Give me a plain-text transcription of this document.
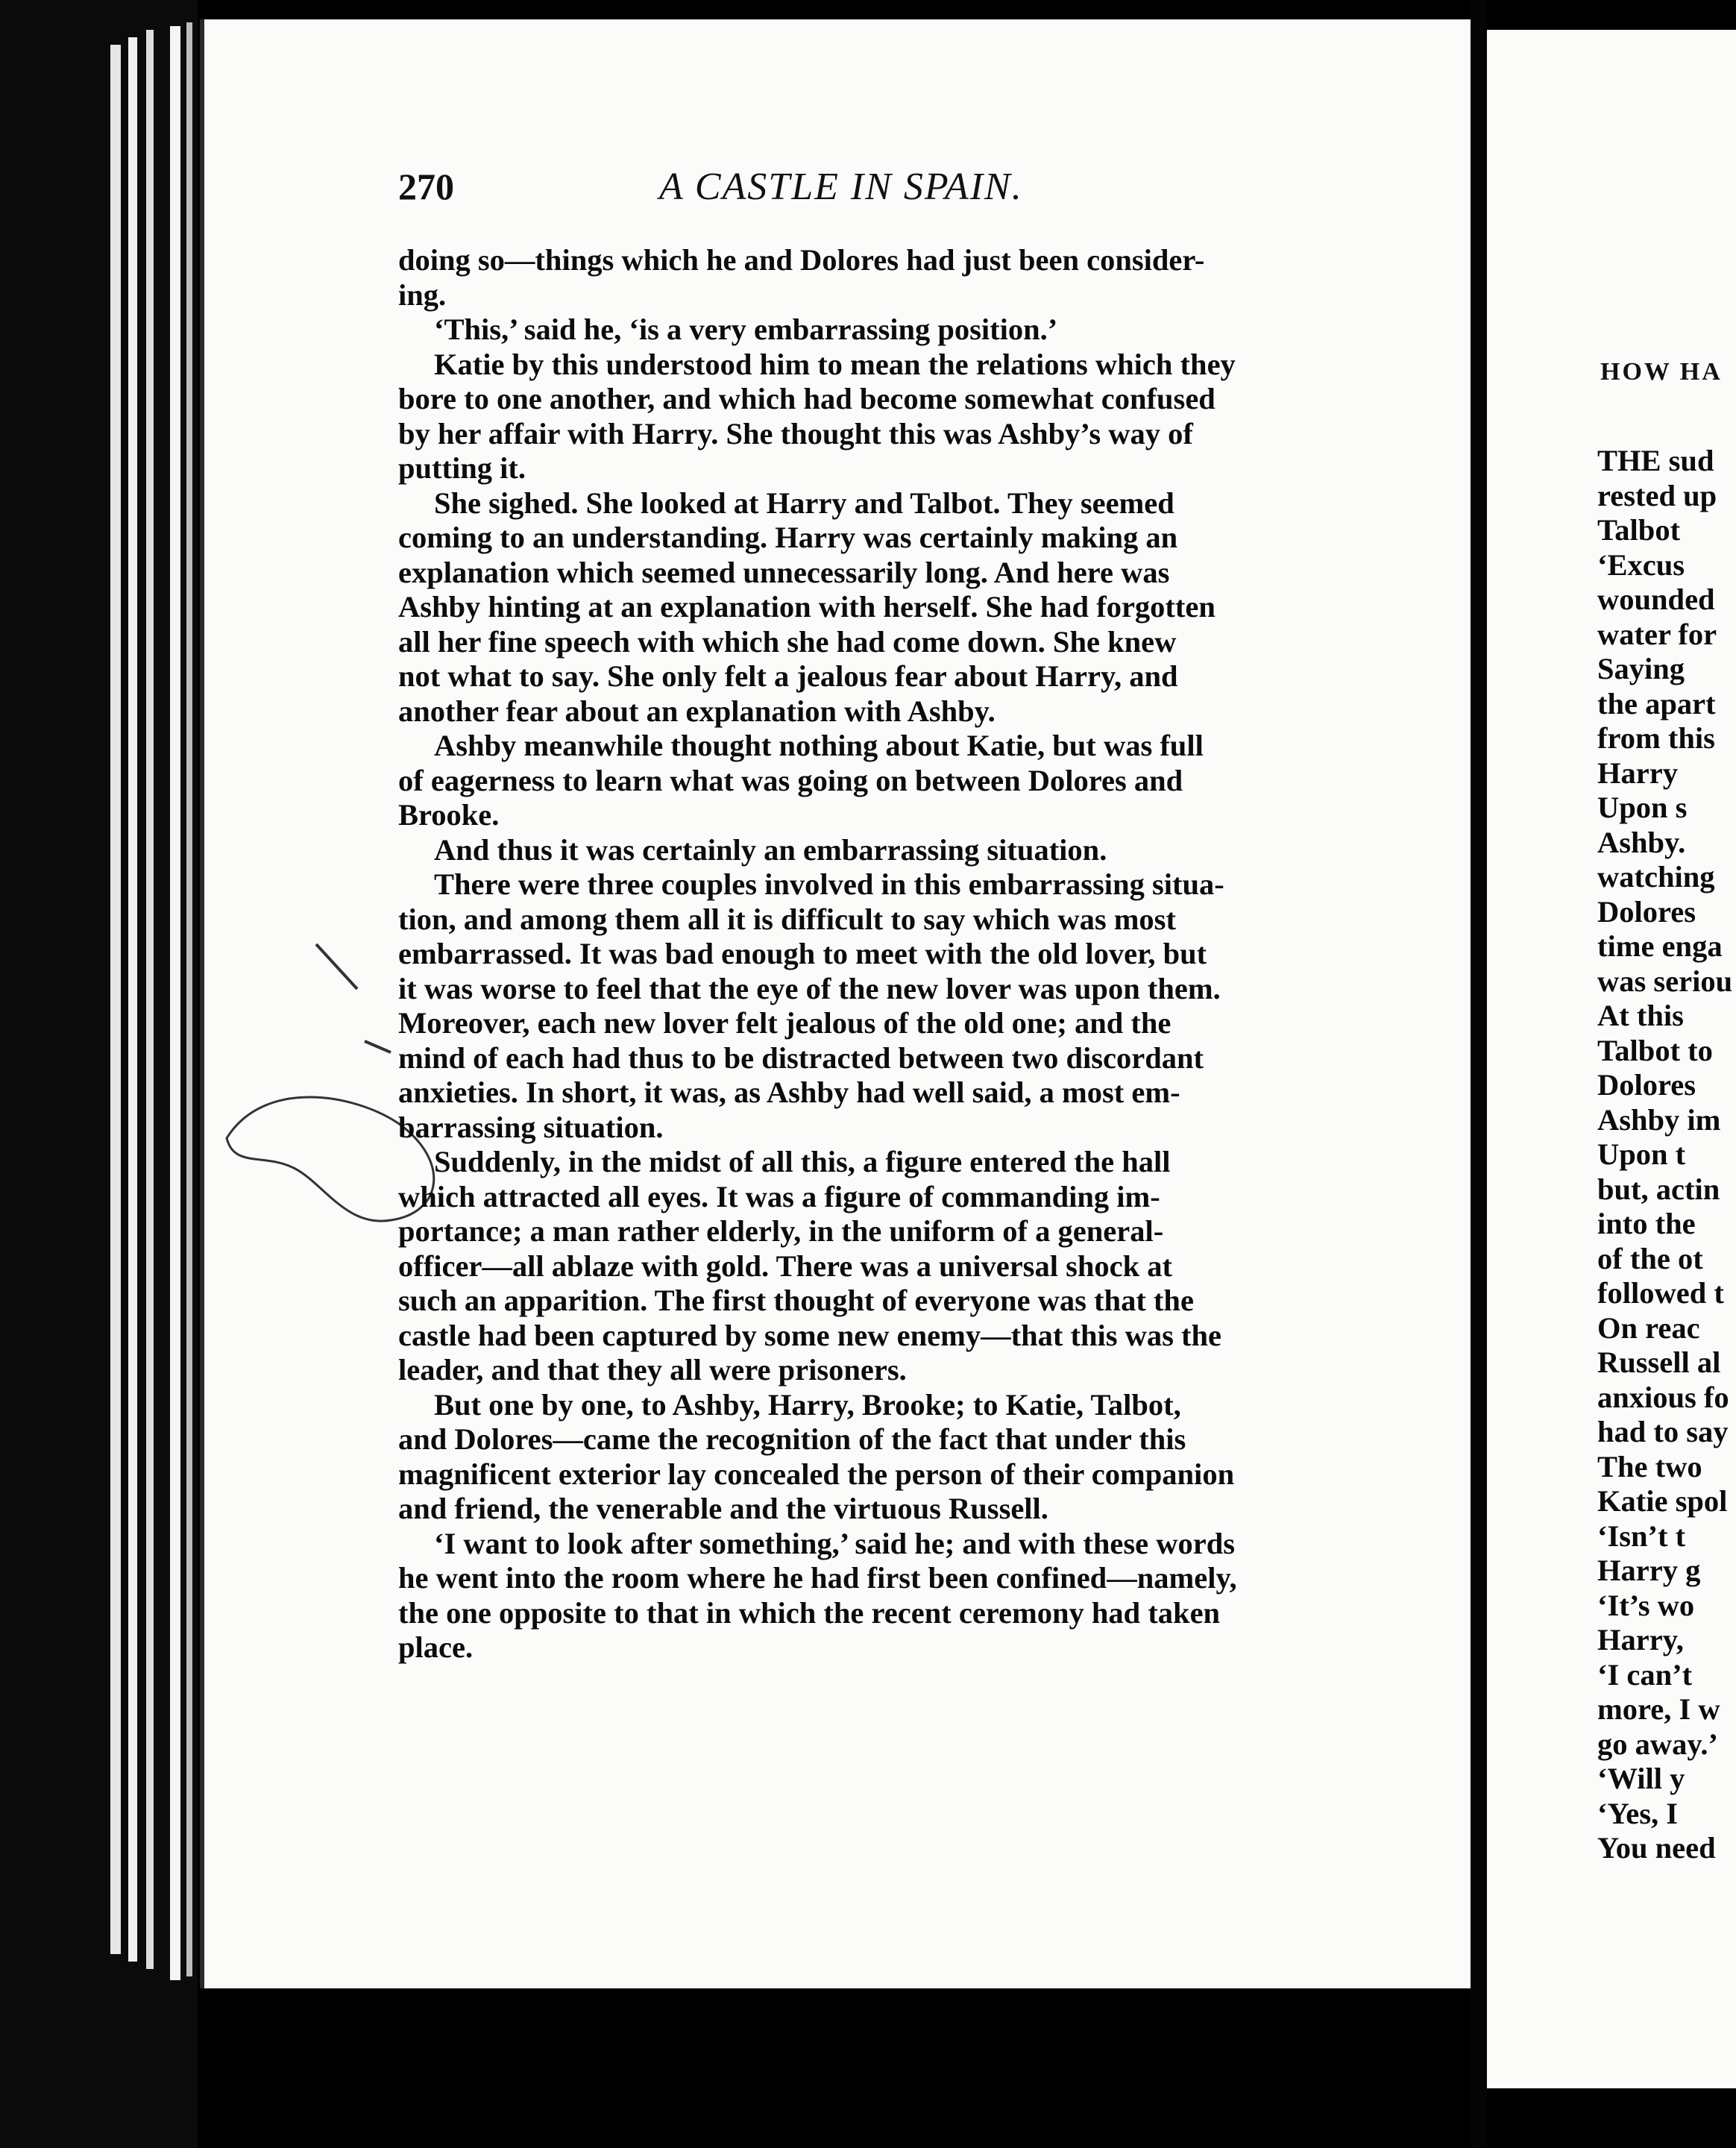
270	A CASTLE IN SPAIN.
doing so—things which he and Dolores had just been consider-
ing.
‘This,’ said he, ‘is a very embarrassing position.’
Katie by this understood him to mean the relations which they
bore to one another, and which had become somewhat confused
by her affair with Harry. She thought this was Ashby’s way of
putting it.
She sighed. She looked at Harry and Talbot. They seemed
coming to an understanding. Harry was certainly making an
explanation which seemed unnecessarily long. And here was
Ashby hinting at an explanation with herself. She had forgotten
all her fine speech with which she had come down. She knew
not what to say. She only felt a jealous fear about Harry, and
another fear about an explanation with Ashby.
Ashby meanwhile thought nothing about Katie, but was full
of eagerness to learn what was going on between Dolores and
Brooke.
And thus it was certainly an embarrassing situation.
There were three couples involved in this embarrassing situa-
tion, and among them all it is difficult to say which was most
embarrassed. It was bad enough to meet with the old lover, but
it was worse to feel that the eye of the new lover was upon them.
Moreover, each new lover felt jealous of the old one; and the
mind of each had thus to be distracted between two discordant
anxieties. In short, it was, as Ashby had well said, a most em-
barrassing situation.
Suddenly, in the midst of all this, a figure entered the hall
which attracted all eyes. It was a figure of commanding im-
portance; a man rather elderly, in the uniform of a general-
officer—all ablaze with gold. There was a universal shock at
such an apparition. The first thought of everyone was that the
castle had been captured by some new enemy—that this was the
leader, and that they all were prisoners.
But one by one, to Ashby, Harry, Brooke; to Katie, Talbot,
and Dolores—came the recognition of the fact that under this
magnificent exterior lay concealed the person of their companion
and friend, the venerable and the virtuous Russell.
‘I want to look after something,’ said he; and with these words
he went into the room where he had first been confined—namely,
the one opposite to that in which the recent ceremony had taken
place.
HOW HA
THE sud
rested up
Talbot
‘Excus
wounded
water for
Saying
the apart
from this
Harry
Upon s
Ashby.
watching
Dolores
time enga
was seriou
At this
Talbot to
Dolores
Ashby im
Upon t
but, actin
into the
of the ot
followed t
On reac
Russell al
anxious fo
had to say
The two
Katie spol
‘Isn’t t
Harry g
‘It’s wo
Harry,
‘I can’t
more, I w
go away.’
‘Will y
‘Yes, I
You need
